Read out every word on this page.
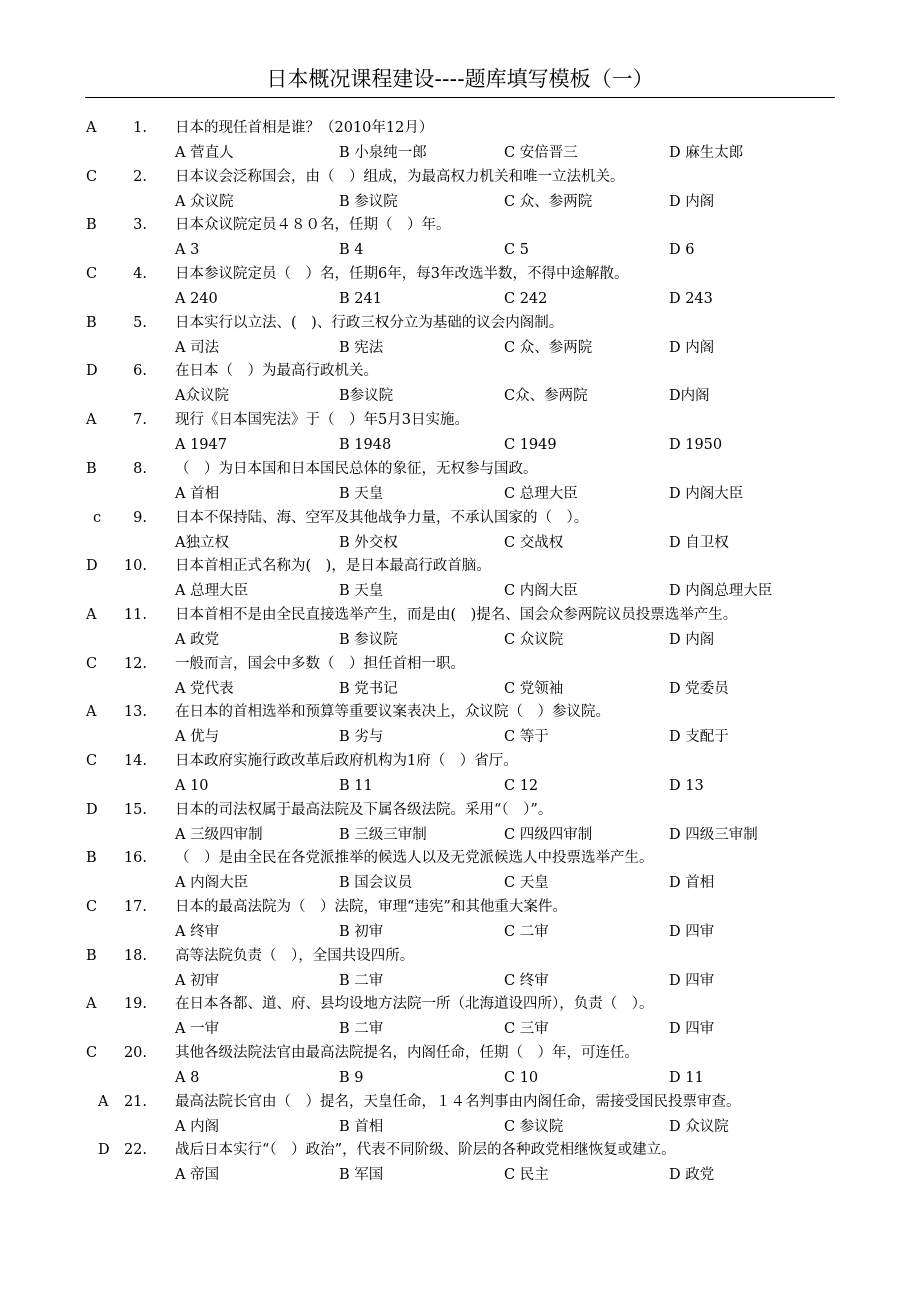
日本概况课程建设----题库填写模板（一）
A	1. 日本的现任首相是谁？（2010年12月）
A 菅直人	B 小泉纯一郎	C 安倍晋三	D 麻生太郎
C	2. 日本议会泛称国会，由（　）组成，为最高权力机关和唯一立法机关。
A 众议院	B 参议院	C 众、参两院	D 内阁
B	3. 日本众议院定员４８０名，任期（　）年。
A 3	B 4	C 5	D 6
C	4. 日本参议院定员（　）名，任期6年，每3年改选半数，不得中途解散。
A 240	B 241	C 242	D 243
B	5. 日本实行以立法、(　)、行政三权分立为基础的议会内阁制。
A 司法	B 宪法	C 众、参两院	D 内阁
D	6. 在日本（　）为最高行政机关。
A众议院	B参议院	C众、参两院	D内阁
A	7. 现行《日本国宪法》于（　）年5月3日实施。
A 1947	B 1948	C 1949	D 1950
B	8. （　）为日本国和日本国民总体的象征，无权参与国政。
A 首相	B 天皇	C 总理大臣	D 内阁大臣
c	9. 日本不保持陆、海、空军及其他战争力量，不承认国家的（　）。
A独立权	B 外交权	C 交战权	D 自卫权
D	10. 日本首相正式名称为(　)，是日本最高行政首脑。
A 总理大臣	B 天皇	C 内阁大臣	D 内阁总理大臣
A	11. 日本首相不是由全民直接选举产生，而是由(　)提名、国会众参两院议员投票选举产生。
A 政党	B 参议院	C 众议院	D 内阁
C	12. 一般而言，国会中多数（　）担任首相一职。
A 党代表	B 党书记	C 党领袖	D 党委员
A	13. 在日本的首相选举和预算等重要议案表决上，众议院（　）参议院。
A 优与	B 劣与	C 等于	D 支配于
C	14. 日本政府实施行政改革后政府机构为1府（　）省厅。
A 10	B 11	C 12	D 13
D	15. 日本的司法权属于最高法院及下属各级法院。采用“（　）”。
A 三级四审制	B 三级三审制	C 四级四审制	D 四级三审制
B	16. （　）是由全民在各党派推举的候选人以及无党派候选人中投票选举产生。
A 内阁大臣	B 国会议员	C 天皇	D 首相
C	17. 日本的最高法院为（　）法院，审理“违宪”和其他重大案件。
A 终审	B 初审	C 二审	D 四审
B	18. 高等法院负责（　），全国共设四所。
A 初审	B 二审	C 终审	D 四审
A	19. 在日本各都、道、府、县均设地方法院一所（北海道设四所），负责（　）。
A 一审	B 二审	C 三审	D 四审
C	20. 其他各级法院法官由最高法院提名，内阁任命，任期（　）年，可连任。
A 8	B 9	C 10	D 11
A	21. 最高法院长官由（　）提名，天皇任命，１４名判事由内阁任命，需接受国民投票审查。
A 内阁	B 首相	C 参议院	D 众议院
D 22. 战后日本实行“（　）政治”，代表不同阶级、阶层的各种政党相继恢复或建立。
A 帝国	B 军国	C 民主	D 政党
